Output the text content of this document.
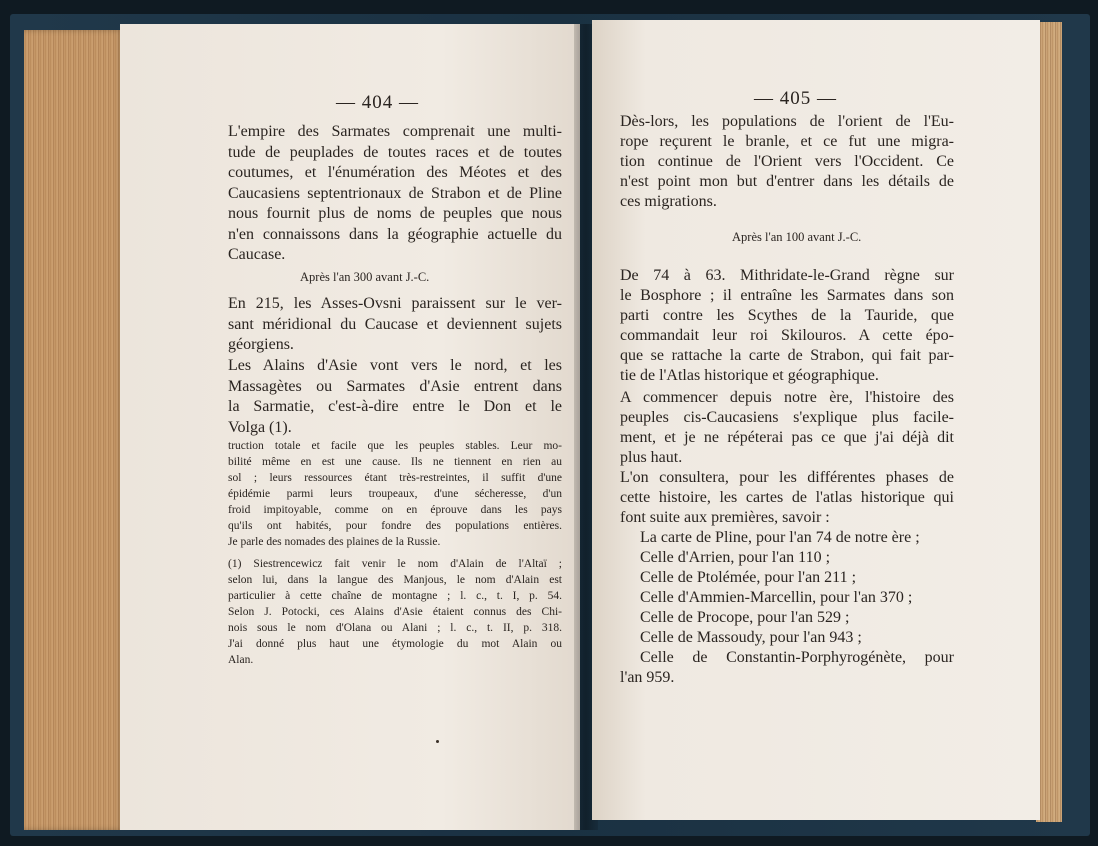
— 404 —
L'empire des Sarmates comprenait une multi-
tude de peuplades de toutes races et de toutes
coutumes, et l'énumération des Méotes et des
Caucasiens septentrionaux de Strabon et de Pline
nous fournit plus de noms de peuples que nous
n'en connaissons dans la géographie actuelle du
Caucase.
Après l'an 300 avant J.-C.
En 215, les Asses-Ovsni paraissent sur le ver-
sant méridional du Caucase et deviennent sujets
géorgiens.
Les Alains d'Asie vont vers le nord, et les
Massagètes ou Sarmates d'Asie entrent dans
la Sarmatie, c'est-à-dire entre le Don et le
Volga (1).
truction totale et facile que les peuples stables. Leur mo-
bilité même en est une cause. Ils ne tiennent en rien au
sol ; leurs ressources étant très-restreintes, il suffit d'une
épidémie parmi leurs troupeaux, d'une sécheresse, d'un
froid impitoyable, comme on en éprouve dans les pays
qu'ils ont habités, pour fondre des populations entières.
Je parle des nomades des plaines de la Russie.
(1) Siestrencewicz fait venir le nom d'Alain de l'Altaï ;
selon lui, dans la langue des Manjous, le nom d'Alain est
particulier à cette chaîne de montagne ; l. c., t. I, p. 54.
Selon J. Potocki, ces Alains d'Asie étaient connus des Chi-
nois sous le nom d'Olana ou Alani ; l. c., t. II, p. 318.
J'ai donné plus haut une étymologie du mot Alain ou
Alan.
— 405 —
Dès-lors, les populations de l'orient de l'Eu-
rope reçurent le branle, et ce fut une migra-
tion continue de l'Orient vers l'Occident. Ce
n'est point mon but d'entrer dans les détails de
ces migrations.
Après l'an 100 avant J.-C.
De 74 à 63. Mithridate-le-Grand règne sur
le Bosphore ; il entraîne les Sarmates dans son
parti contre les Scythes de la Tauride, que
commandait leur roi Skilouros. A cette épo-
que se rattache la carte de Strabon, qui fait par-
tie de l'Atlas historique et géographique.
A commencer depuis notre ère, l'histoire des
peuples cis-Caucasiens s'explique plus facile-
ment, et je ne répéterai pas ce que j'ai déjà dit
plus haut.
L'on consultera, pour les différentes phases de
cette histoire, les cartes de l'atlas historique qui
font suite aux premières, savoir :
La carte de Pline, pour l'an 74 de notre ère ;
Celle d'Arrien, pour l'an 110 ;
Celle de Ptolémée, pour l'an 211 ;
Celle d'Ammien-Marcellin, pour l'an 370 ;
Celle de Procope, pour l'an 529 ;
Celle de Massoudy, pour l'an 943 ;
Celle de Constantin-Porphyrogénète, pour
l'an 959.
